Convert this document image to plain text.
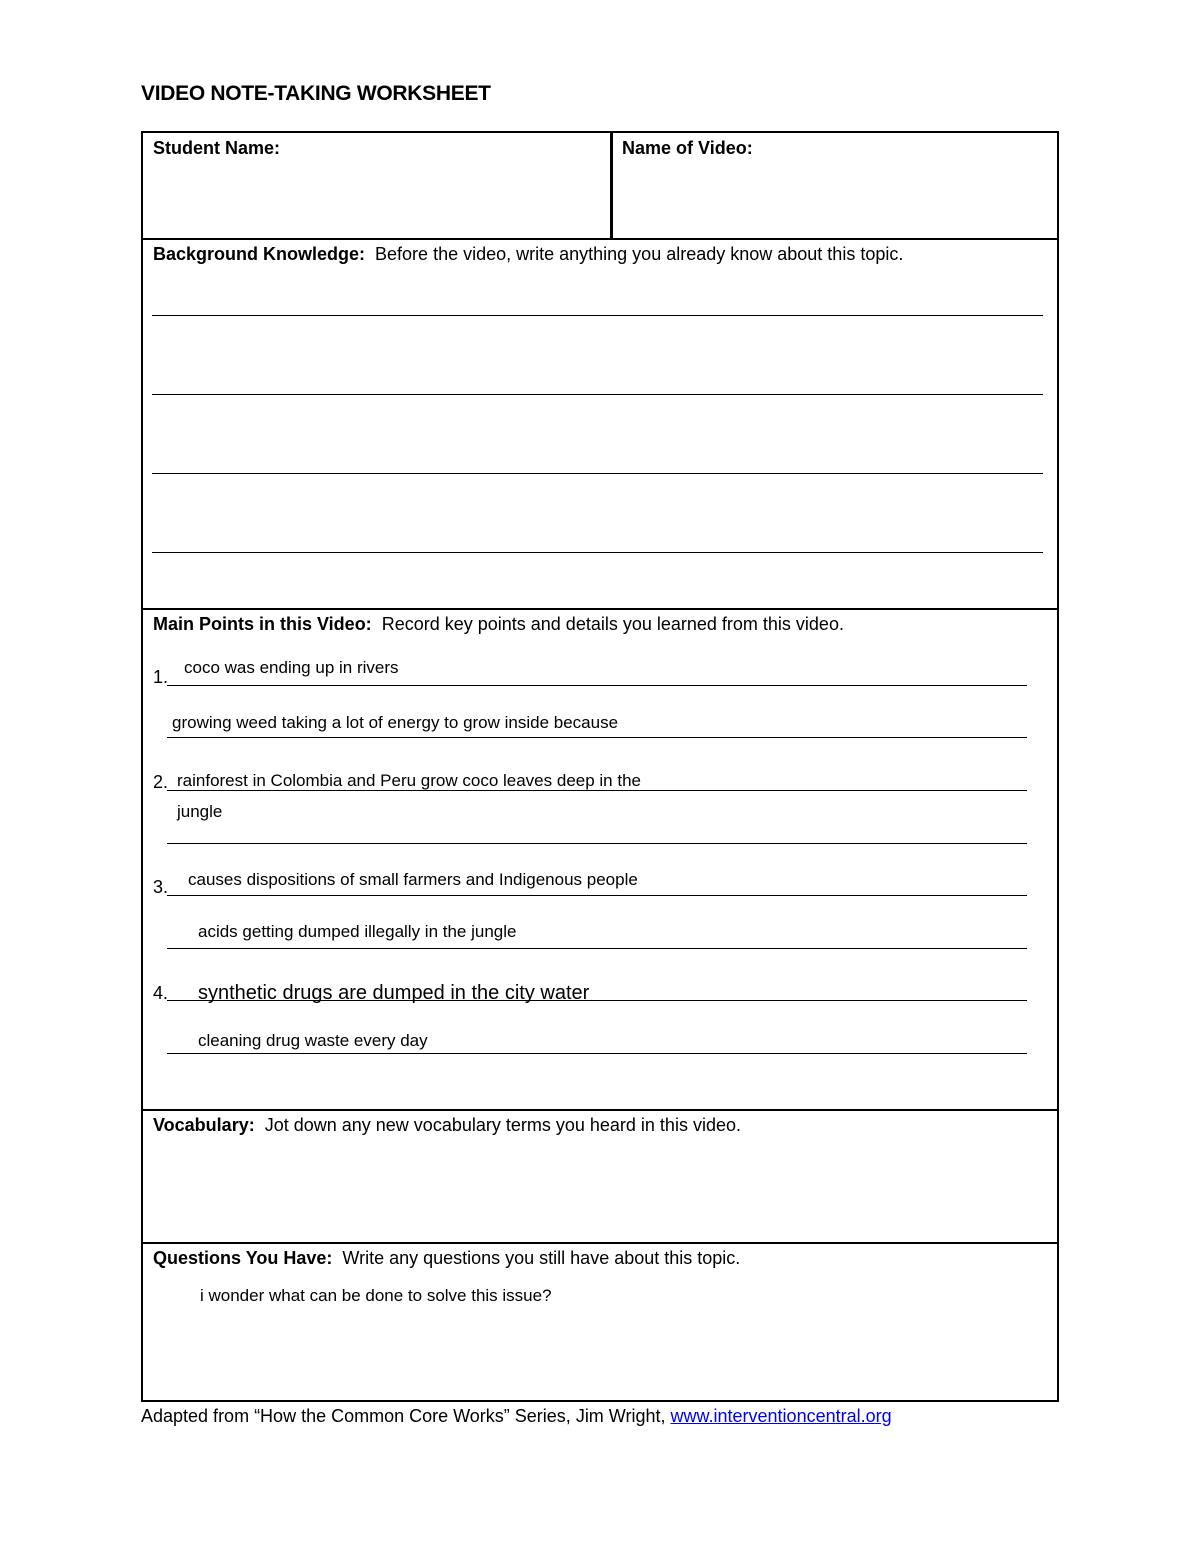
VIDEO NOTE-TAKING WORKSHEET
Student Name:	Name of Video:
Background Knowledge: Before the video, write anything you already know about this topic.
Main Points in this Video: Record key points and details you learned from this video.
1. coco was ending up in rivers
growing weed taking a lot of energy to grow inside because
2. rainforest in Colombia and Peru grow coco leaves deep in the
jungle
3. causes dispositions of small farmers and Indigenous people
acids getting dumped illegally in the jungle
4. synthetic drugs are dumped in the city water
cleaning drug waste every day
Vocabulary: Jot down any new vocabulary terms you heard in this video.
Questions You Have: Write any questions you still have about this topic.
i wonder what can be done to solve this issue?
Adapted from “How the Common Core Works” Series, Jim Wright, www.interventioncentral.org
